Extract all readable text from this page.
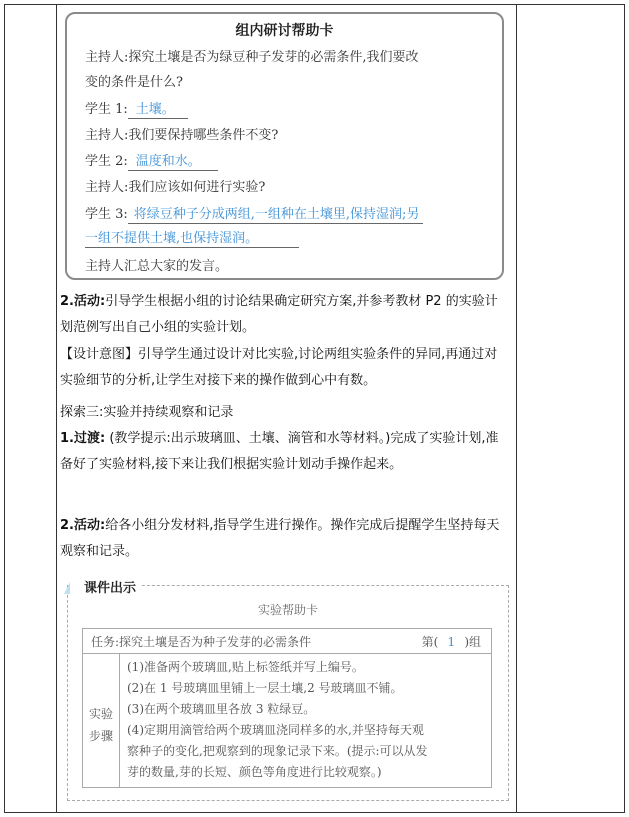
组内研讨帮助卡
主持人:探究土壤是否为绿豆种子发芽的必需条件,我们要改
变的条件是什么?
学生 1: 土壤。
主持人:我们要保持哪些条件不变?
学生 2: 温度和水。
主持人:我们应该如何进行实验?
学生 3: 将绿豆种子分成两组,一组种在土壤里,保持湿润;另
一组不提供土壤,也保持湿润。
主持人汇总大家的发言。
2.活动:引导学生根据小组的讨论结果确定研究方案,并参考教材 P2 的实验计划范例写出自己小组的实验计划。
【设计意图】引导学生通过设计对比实验,讨论两组实验条件的异同,再通过对实验细节的分析,让学生对接下来的操作做到心中有数。
探索三:实验并持续观察和记录
1.过渡: (教学提示:出示玻璃皿、土壤、滴管和水等材料。)完成了实验计划,准备好了实验材料,接下来让我们根据实验计划动手操作起来。
2.活动:给各小组分发材料,指导学生进行操作。操作完成后提醒学生坚持每天观察和记录。
课件出示
实验帮助卡
任务:探究土壤是否为种子发芽的必需条件	第( 1 )组
实验
步骤
(1)准备两个玻璃皿,贴上标签纸并写上编号。
(2)在 1 号玻璃皿里铺上一层土壤,2 号玻璃皿不铺。
(3)在两个玻璃皿里各放 3 粒绿豆。
(4)定期用滴管给两个玻璃皿浇同样多的水,并坚持每天观
察种子的变化,把观察到的现象记录下来。(提示:可以从发
芽的数量,芽的长短、颜色等角度进行比较观察。)
